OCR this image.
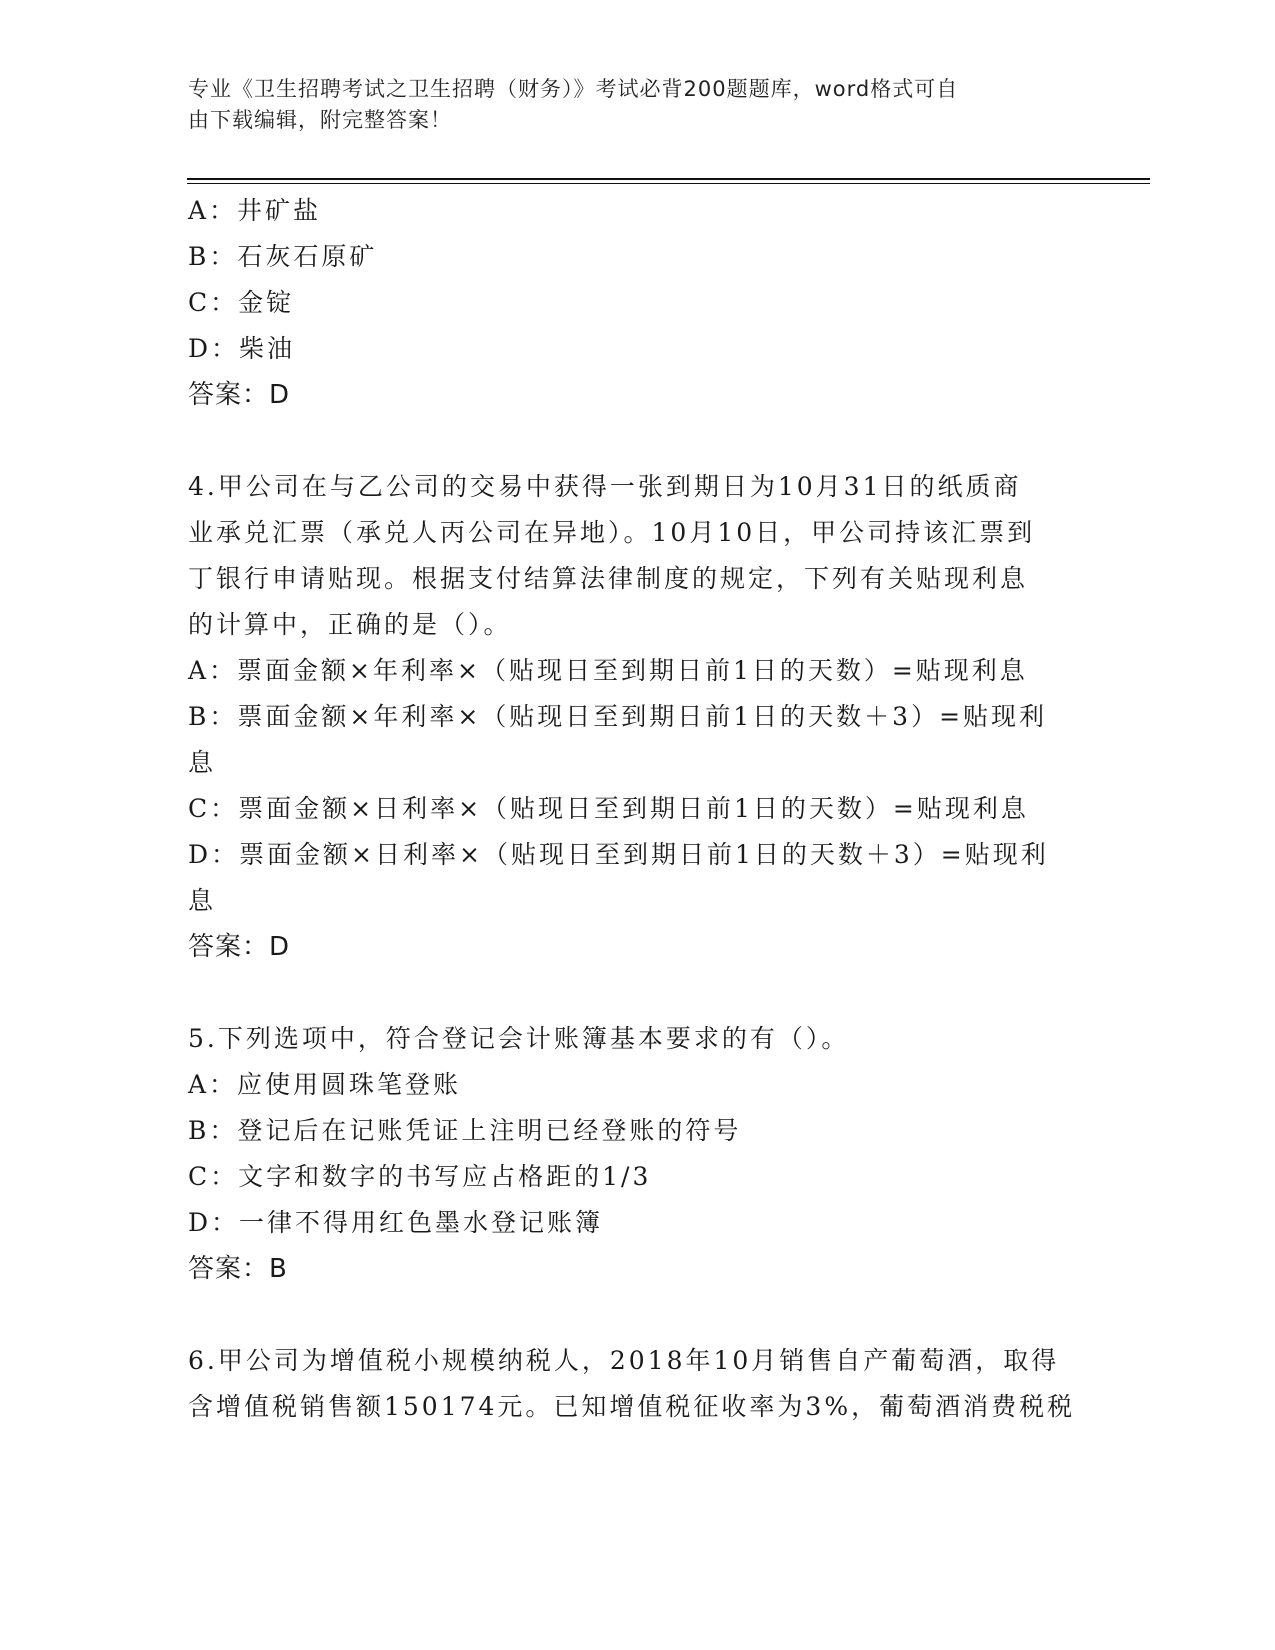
专业《卫生招聘考试之卫生招聘（财务）》考试必背200题题库，word格式可自
由下载编辑，附完整答案！
A：井矿盐
B：石灰石原矿
C：金锭
D：柴油
答案：D
4.甲公司在与乙公司的交易中获得一张到期日为10月31日的纸质商
业承兑汇票（承兑人丙公司在异地）。10月10日，甲公司持该汇票到
丁银行申请贴现。根据支付结算法律制度的规定，下列有关贴现利息
的计算中，正确的是（）。
A：票面金额×年利率×（贴现日至到期日前1日的天数）=贴现利息
B：票面金额×年利率×（贴现日至到期日前1日的天数＋3）=贴现利
息
C：票面金额×日利率×（贴现日至到期日前1日的天数）=贴现利息
D：票面金额×日利率×（贴现日至到期日前1日的天数＋3）=贴现利
息
答案：D
5.下列选项中，符合登记会计账簿基本要求的有（）。
A：应使用圆珠笔登账
B：登记后在记账凭证上注明已经登账的符号
C：文字和数字的书写应占格距的1/3
D：一律不得用红色墨水登记账簿
答案：B
6.甲公司为增值税小规模纳税人，2018年10月销售自产葡萄酒，取得
含增值税销售额150174元。已知增值税征收率为3%，葡萄酒消费税税
